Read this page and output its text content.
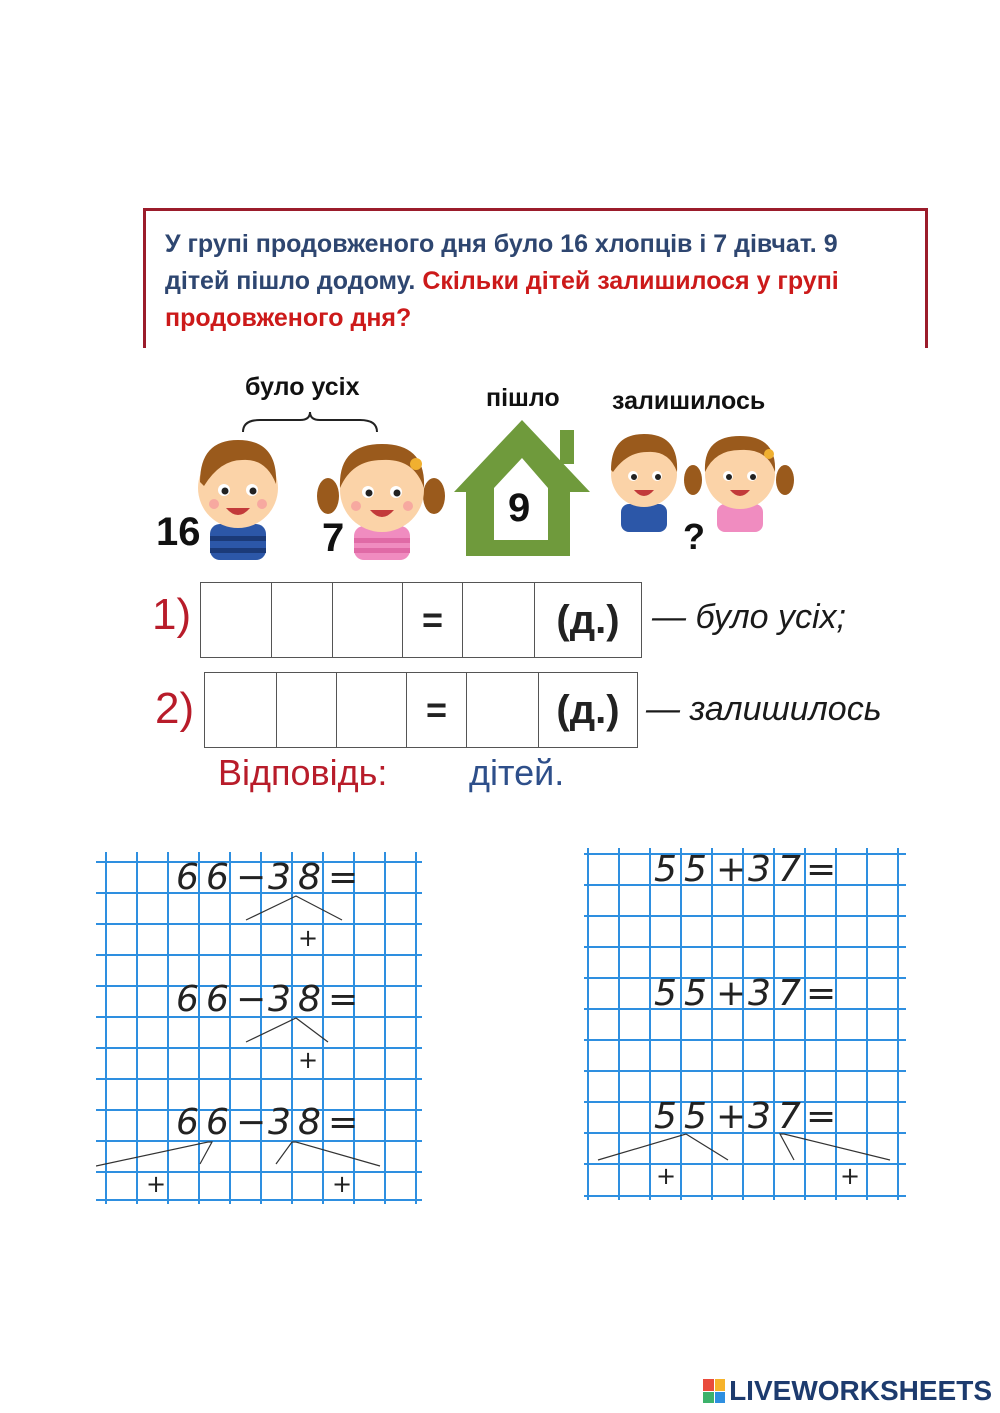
У групі продовженого дня було 16 хлопців і 7 дівчат. 9 дітей пішло додому. Скільки дітей залишилося у групі продовженого дня?
було усіх	пішло залишилось
16	7
9
?
1)	=	(д.) — було усіх;
2)	=	(д.) — залишилось
Відповідь: дітей.
6 6 − 3 8 =
+
6 6 − 3 8 =
+
6 6 − 3 8 =
+	+
5 5 + 3 7 =
5 5 + 3 7 =
5 5 + 3 7 =
+	+
LIVEWORKSHEETS
